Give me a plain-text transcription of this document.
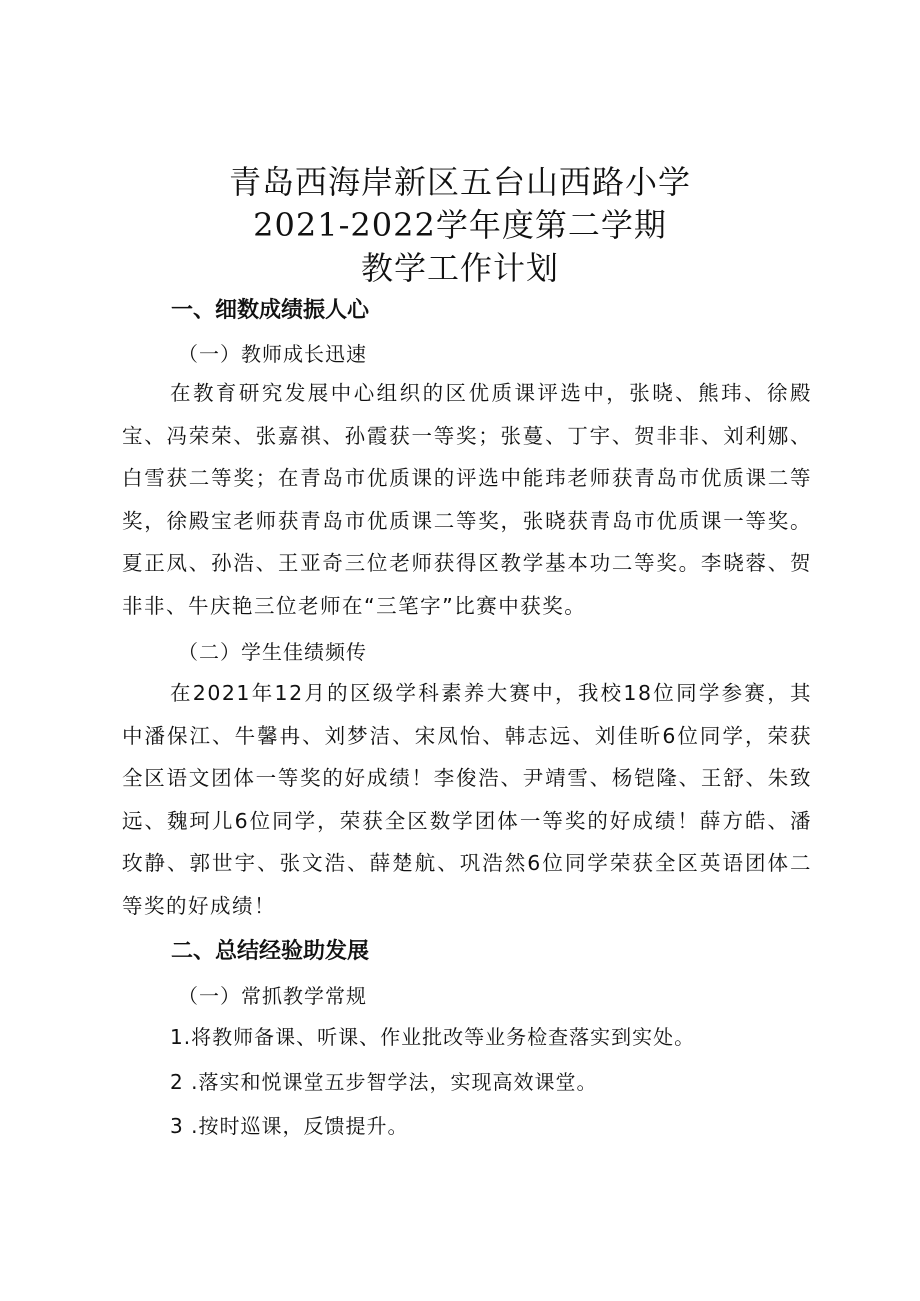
青岛西海岸新区五台山西路小学
2021-2022学年度第二学期
教学工作计划
一、细数成绩振人心
（一）教师成长迅速
在教育研究发展中心组织的区优质课评选中，张晓、熊玮、徐殿宝、冯荣荣、张嘉祺、孙霞获一等奖；张蔓、丁宇、贺非非、刘利娜、白雪获二等奖；在青岛市优质课的评选中能玮老师获青岛市优质课二等奖，徐殿宝老师获青岛市优质课二等奖，张晓获青岛市优质课一等奖。夏正凤、孙浩、王亚奇三位老师获得区教学基本功二等奖。李晓蓉、贺非非、牛庆艳三位老师在“三笔字”比赛中获奖。
（二）学生佳绩频传
在2021年12月的区级学科素养大赛中，我校18位同学参赛，其中潘保江、牛馨冉、刘梦洁、宋凤怡、韩志远、刘佳昕6位同学，荣获全区语文团体一等奖的好成绩！李俊浩、尹靖雪、杨铠隆、王舒、朱致远、魏珂儿6位同学，荣获全区数学团体一等奖的好成绩！薛方皓、潘玫静、郭世宇、张文浩、薛楚航、巩浩然6位同学荣获全区英语团体二等奖的好成绩！
二、总结经验助发展
（一）常抓教学常规
1.将教师备课、听课、作业批改等业务检查落实到实处。
2 .落实和悦课堂五步智学法，实现高效课堂。
3 .按时巡课，反馈提升。
